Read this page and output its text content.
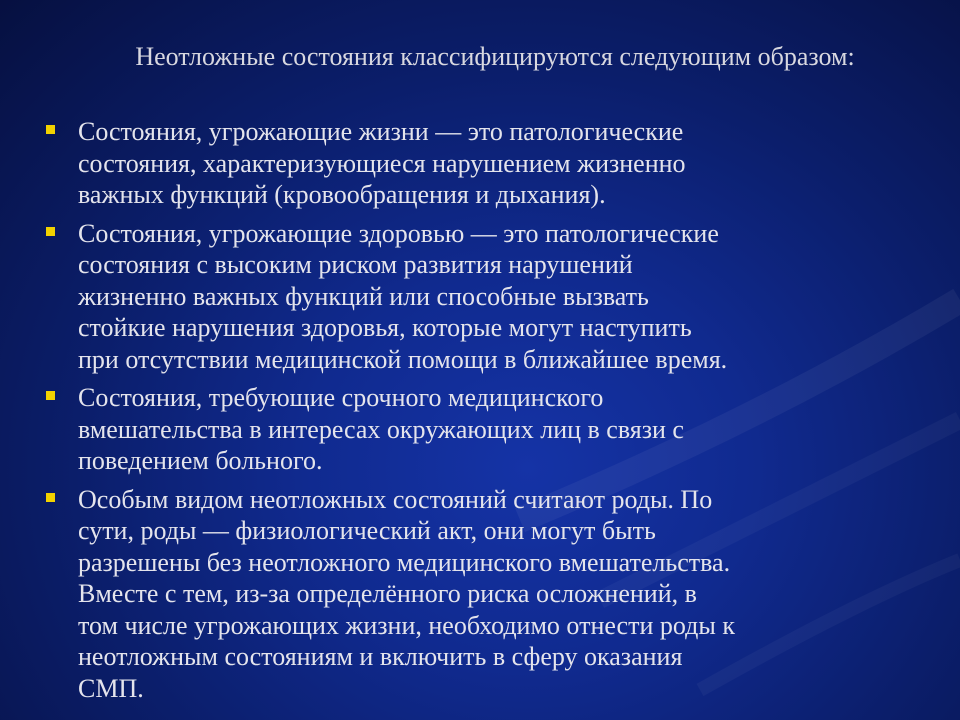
Неотложные состояния классифицируются следующим образом:
Состояния, угрожающие жизни — это патологические
состояния, характеризующиеся нарушением жизненно
важных функций (кровообращения и дыхания).
Состояния, угрожающие здоровью — это патологические
состояния с высоким риском развития нарушений
жизненно важных функций или способные вызвать
стойкие нарушения здоровья, которые могут наступить
при отсутствии медицинской помощи в ближайшее время.
Состояния, требующие срочного медицинского
вмешательства в интересах окружающих лиц в связи с
поведением больного.
Особым видом неотложных состояний считают роды. По
сути, роды — физиологический акт, они могут быть
разрешены без неотложного медицинского вмешательства.
Вместе с тем, из-за определённого риска осложнений, в
том числе угрожающих жизни, необходимо отнести роды к
неотложным состояниям и включить в сферу оказания
СМП.
